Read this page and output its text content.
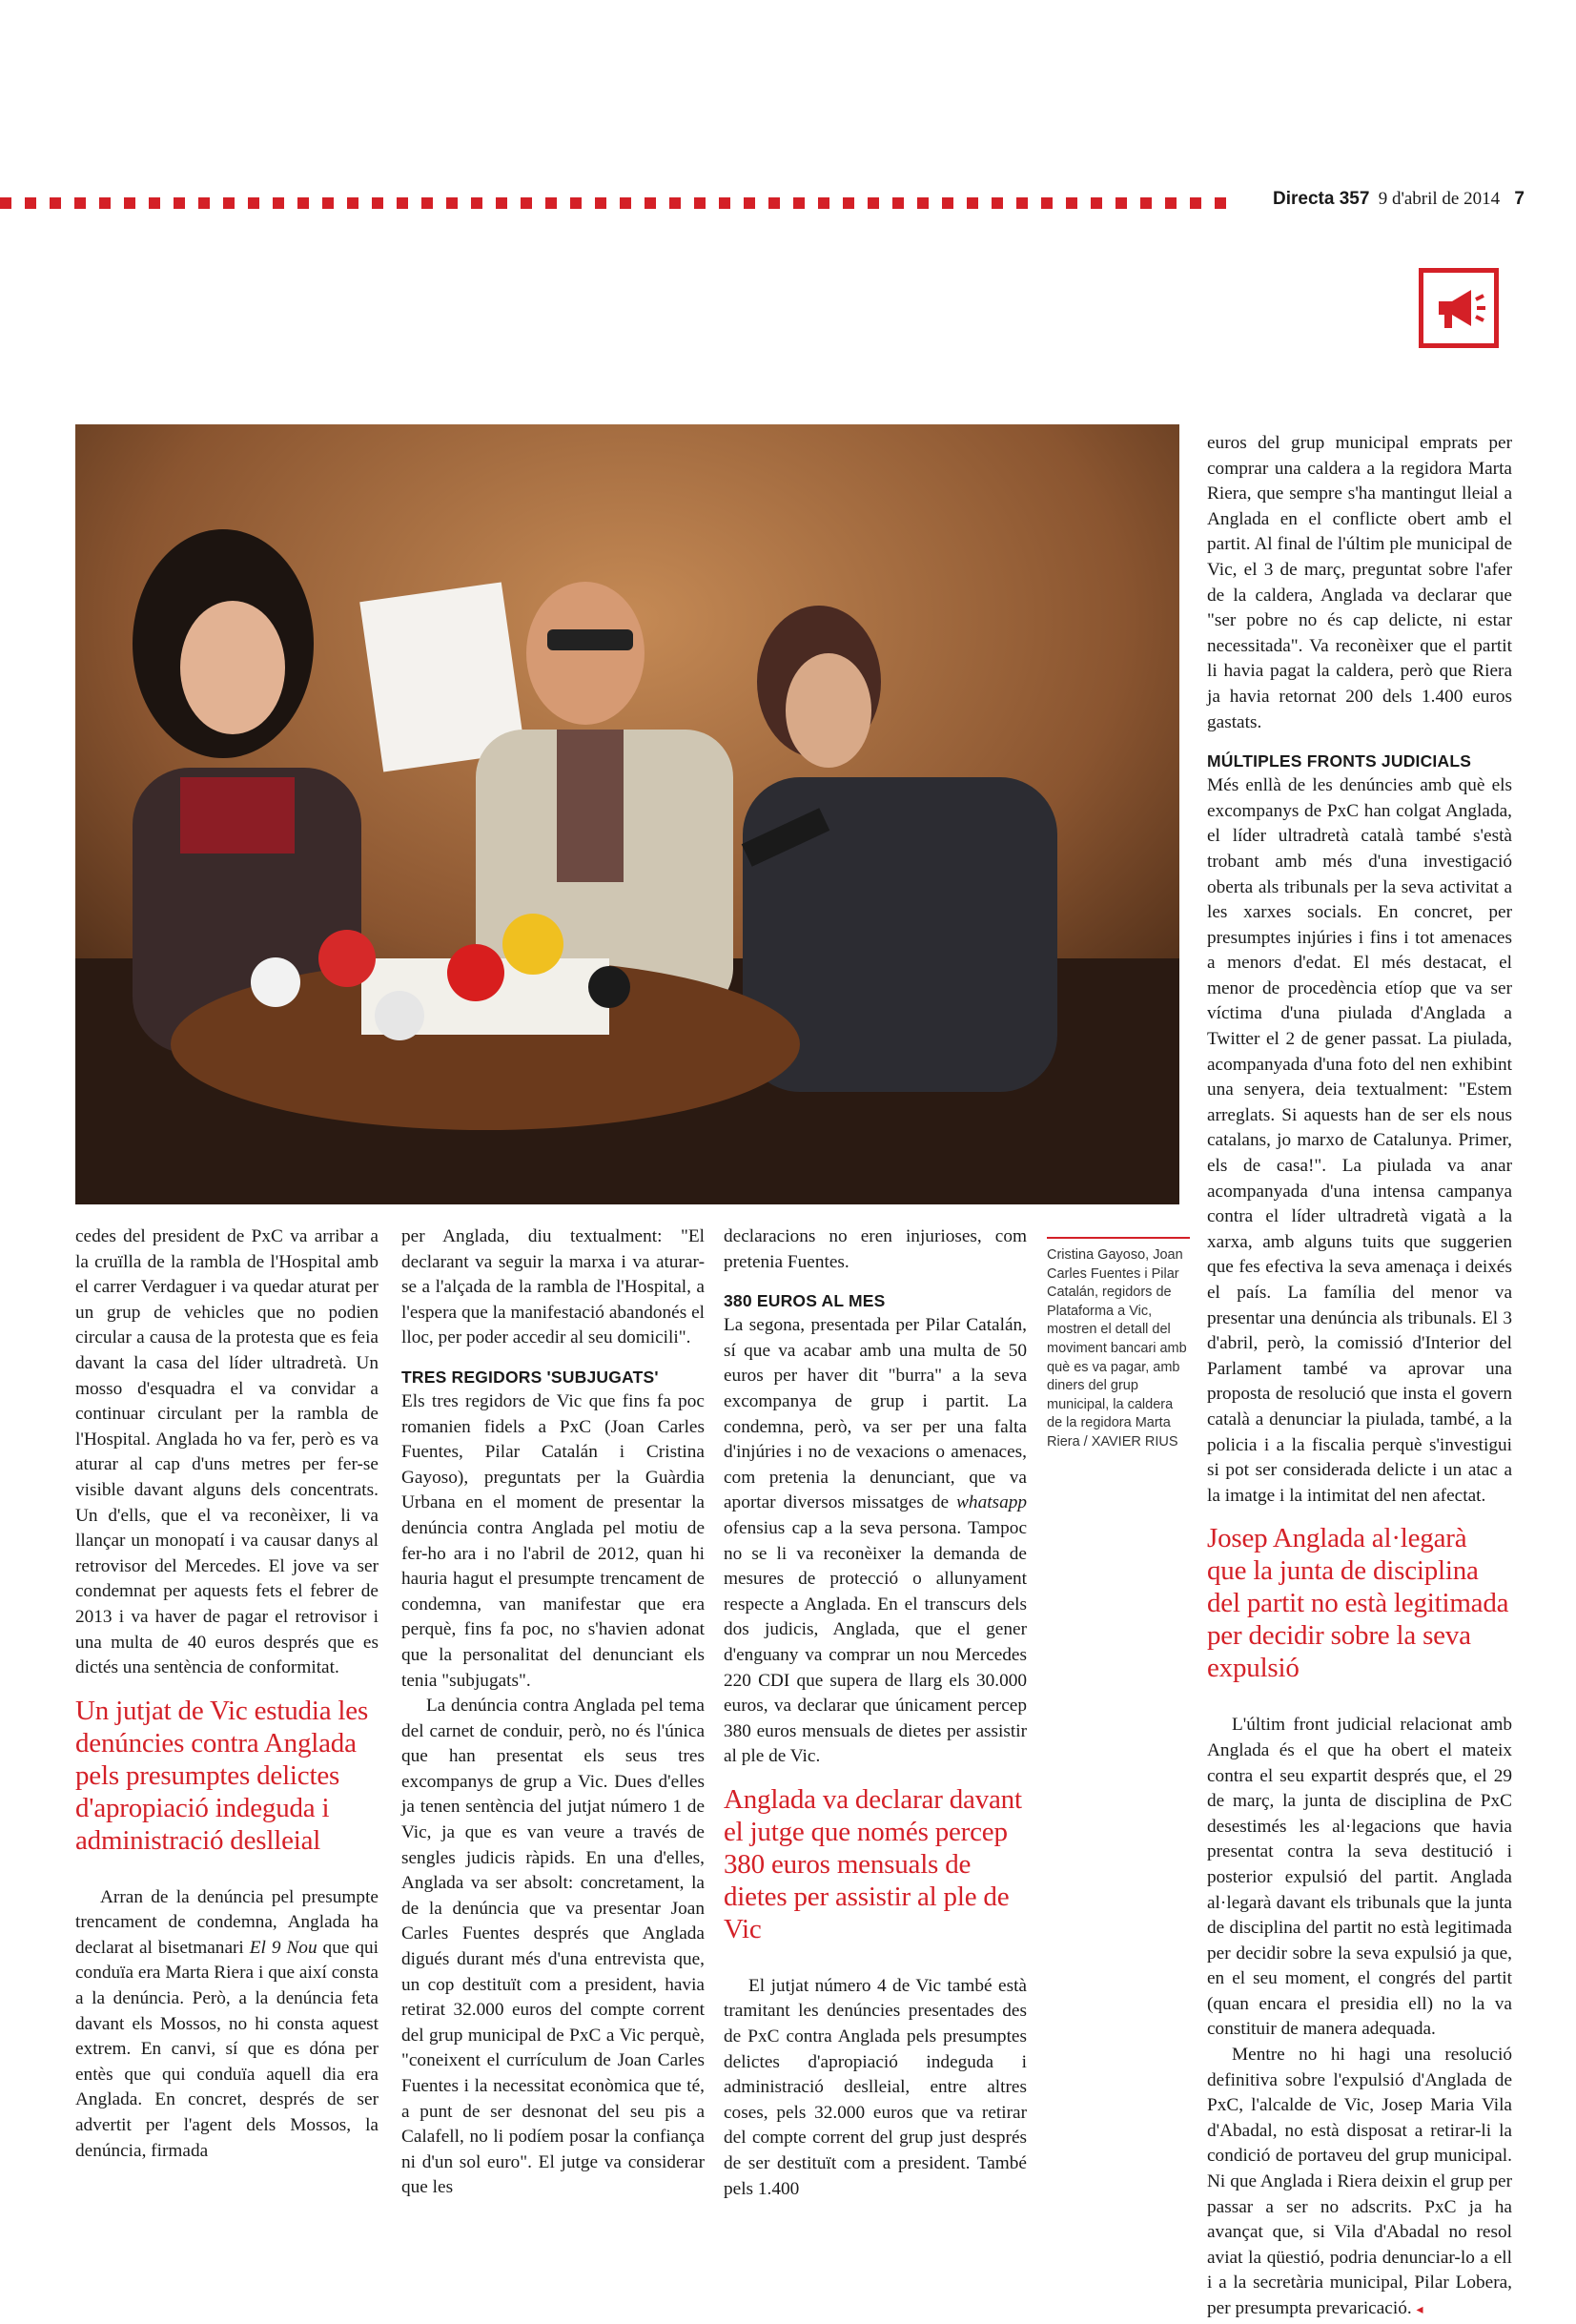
Directa 357 9 d'abril de 2014 7
Cristina Gayoso, Joan Carles Fuentes i Pilar Catalán, regidors de Plataforma a Vic, mostren el detall del moviment bancari amb què es va pagar, amb diners del grup municipal, la caldera de la regidora Marta Riera / XAVIER RIUS

cedes del president de PxC va arribar a la cruïlla de la rambla de l'Hospital amb el carrer Verdaguer i va quedar aturat per un grup de vehicles que no podien circular a causa de la protesta que es feia davant la casa del líder ultradretà. Un mosso d'esquadra el va convidar a continuar circulant per la rambla de l'Hospital. Anglada ho va fer, però es va aturar al cap d'uns metres per fer-se visible davant alguns dels concentrats. Un d'ells, que el va reconèixer, li va llançar un monopatí i va causar danys al retrovisor del Mercedes. El jove va ser condemnat per aquests fets el febrer de 2013 i va haver de pagar el retrovisor i una multa de 40 euros després que es dictés una sentència de conformitat.

Un jutjat de Vic estudia les denúncies contra Anglada pels presumptes delictes d'apropiació indeguda i administració deslleial

Arran de la denúncia pel presumpte trencament de condemna, Anglada ha declarat al bisetmanari El 9 Nou que qui conduïa era Marta Riera i que així consta a la denúncia. Però, a la denúncia feta davant els Mossos, no hi consta aquest extrem. En canvi, sí que es dóna per entès que qui conduïa aquell dia era Anglada. En concret, després de ser advertit per l'agent dels Mossos, la denúncia, firmada

per Anglada, diu textualment: "El declarant va seguir la marxa i va aturar-se a l'alçada de la rambla de l'Hospital, a l'espera que la manifestació abandonés el lloc, per poder accedir al seu domicili".

TRES REGIDORS 'SUBJUGATS'

Els tres regidors de Vic que fins fa poc romanien fidels a PxC (Joan Carles Fuentes, Pilar Catalán i Cristina Gayoso), preguntats per la Guàrdia Urbana en el moment de presentar la denúncia contra Anglada pel motiu de fer-ho ara i no l'abril de 2012, quan hi hauria hagut el presumpte trencament de condemna, van manifestar que era perquè, fins fa poc, no s'havien adonat que la personalitat del denunciant els tenia "subjugats".

La denúncia contra Anglada pel tema del carnet de conduir, però, no és l'única que han presentat els seus tres excompanys de grup a Vic. Dues d'elles ja tenen sentència del jutjat número 1 de Vic, ja que es van veure a través de sengles judicis ràpids. En una d'elles, Anglada va ser absolt: concretament, la de la denúncia que va presentar Joan Carles Fuentes després que Anglada digués durant més d'una entrevista que, un cop destituït com a president, havia retirat 32.000 euros del compte corrent del grup municipal de PxC a Vic perquè, "coneixent el currículum de Joan Carles Fuentes i la necessitat econòmica que té, a punt de ser desnonat del seu pis a Calafell, no li podíem posar la confiança ni d'un sol euro". El jutge va considerar que les

declaracions no eren injurioses, com pretenia Fuentes.

380 EUROS AL MES

La segona, presentada per Pilar Catalán, sí que va acabar amb una multa de 50 euros per haver dit "burra" a la seva excompanya de grup i partit. La condemna, però, va ser per una falta d'injúries i no de vexacions o amenaces, com pretenia la denunciant, que va aportar diversos missatges de whatsapp ofensius cap a la seva persona. Tampoc no se li va reconèixer la demanda de mesures de protecció o allunyament respecte a Anglada. En el transcurs dels dos judicis, Anglada, que el gener d'enguany va comprar un nou Mercedes 220 CDI que supera de llarg els 30.000 euros, va declarar que únicament percep 380 euros mensuals de dietes per assistir al ple de Vic.

Anglada va declarar davant el jutge que només percep 380 euros mensuals de dietes per assistir al ple de Vic

El jutjat número 4 de Vic també està tramitant les denúncies presentades des de PxC contra Anglada pels presumptes delictes d'apropiació indeguda i administració deslleial, entre altres coses, pels 32.000 euros que va retirar del compte corrent del grup just després de ser destituït com a president. També pels 1.400

euros del grup municipal emprats per comprar una caldera a la regidora Marta Riera, que sempre s'ha mantingut lleial a Anglada en el conflicte obert amb el partit. Al final de l'últim ple municipal de Vic, el 3 de març, preguntat sobre l'afer de la caldera, Anglada va declarar que "ser pobre no és cap delicte, ni estar necessitada". Va reconèixer que el partit li havia pagat la caldera, però que Riera ja havia retornat 200 dels 1.400 euros gastats.

MÚLTIPLES FRONTS JUDICIALS

Més enllà de les denúncies amb què els excompanys de PxC han colgat Anglada, el líder ultradretà català també s'està trobant amb més d'una investigació oberta als tribunals per la seva activitat a les xarxes socials. En concret, per presumptes injúries i fins i tot amenaces a menors d'edat. El més destacat, el menor de procedència etíop que va ser víctima d'una piulada d'Anglada a Twitter el 2 de gener passat. La piulada, acompanyada d'una foto del nen exhibint una senyera, deia textualment: "Estem arreglats. Si aquests han de ser els nous catalans, jo marxo de Catalunya. Primer, els de casa!". La piulada va anar acompanyada d'una intensa campanya contra el líder ultradretà vigatà a la xarxa, amb alguns tuits que suggerien que fes efectiva la seva amenaça i deixés el país. La família del menor va presentar una denúncia als tribunals. El 3 d'abril, però, la comissió d'Interior del Parlament també va aprovar una proposta de resolució que insta el govern català a denunciar la piulada, també, a la policia i a la fiscalia perquè s'investigui si pot ser considerada delicte i un atac a la imatge i la intimitat del nen afectat.

Josep Anglada al·legarà que la junta de disciplina del partit no està legitimada per decidir sobre la seva expulsió

L'últim front judicial relacionat amb Anglada és el que ha obert el mateix contra el seu expartit després que, el 29 de març, la junta de disciplina de PxC desestimés les al·legacions que havia presentat contra la seva destitució i posterior expulsió del partit. Anglada al·legarà davant els tribunals que la junta de disciplina del partit no està legitimada per decidir sobre la seva expulsió ja que, en el seu moment, el congrés del partit (quan encara el presidia ell) no la va constituir de manera adequada.

Mentre no hi hagi una resolució definitiva sobre l'expulsió d'Anglada de PxC, l'alcalde de Vic, Josep Maria Vila d'Abadal, no està disposat a retirar-li la condició de portaveu del grup municipal. Ni que Anglada i Riera deixin el grup per passar a ser no adscrits. PxC ja ha avançat que, si Vila d'Abadal no resol aviat la qüestió, podria denunciar-lo a ell i a la secretària municipal, Pilar Lobera, per presumpta prevaricació. ◂
